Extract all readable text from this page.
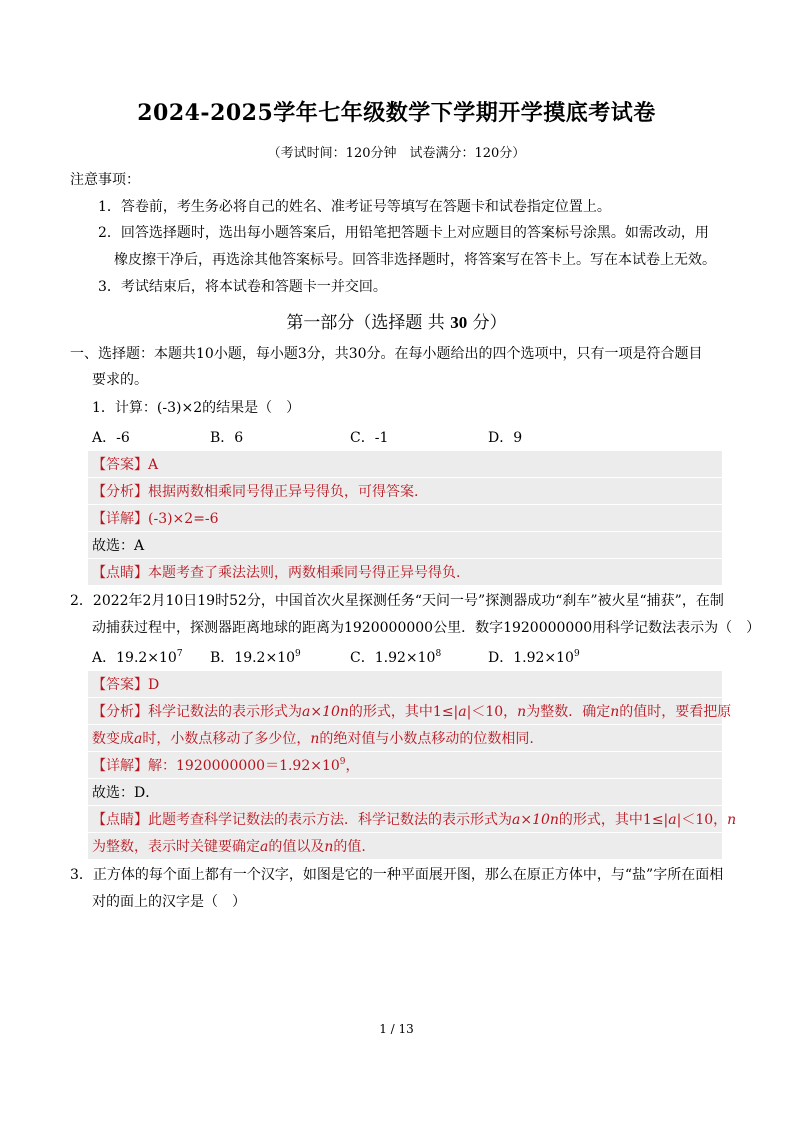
2024-2025学年七年级数学下学期开学摸底考试卷
（考试时间：120分钟　试卷满分：120分）
注意事项：
1．答卷前，考生务必将自己的姓名、准考证号等填写在答题卡和试卷指定位置上。
2．回答选择题时，选出每小题答案后，用铅笔把答题卡上对应题目的答案标号涂黑。如需改动，用
橡皮擦干净后，再选涂其他答案标号。回答非选择题时，将答案写在答卡上。写在本试卷上无效。
3．考试结束后，将本试卷和答题卡一并交回。
第一部分（选择题 共 30 分）
一、选择题：本题共10小题，每小题3分，共30分。在每小题给出的四个选项中，只有一项是符合题目
要求的。
1．计算：(-3)×2的结果是（　）
A．-6	B．6	C．-1	D．9
【答案】A
【分析】根据两数相乘同号得正异号得负，可得答案.
【详解】(-3)×2=-6
故选：A
【点睛】本题考查了乘法法则，两数相乘同号得正异号得负.
2．2022年2月10日19时52分，中国首次火星探测任务“天问一号”探测器成功“刹车”被火星“捕获”，在制
动捕获过程中，探测器距离地球的距离为1920000000公里．数字1920000000用科学记数法表示为（　）
A．$19.2\times 10^7$ B．$19.2\times 10^9$	C．$1.92\times 10^8$	D．$1.92\times 10^9$
【答案】D
【分析】科学记数法的表示形式为a×10n的形式，其中1≤|a|＜10，n为整数．确定n的值时，要看把原
数变成a时，小数点移动了多少位，n的绝对值与小数点移动的位数相同.
【详解】解：$1920000000=1.92\times 10^9$，
故选：D．
【点睛】此题考查科学记数法的表示方法．科学记数法的表示形式为a×10n的形式，其中1≤|a|＜10，n
为整数，表示时关键要确定a的值以及n的值.
3．正方体的每个面上都有一个汉字，如图是它的一种平面展开图，那么在原正方体中，与“盐”字所在面相
对的面上的汉字是（　）
1 / 13
